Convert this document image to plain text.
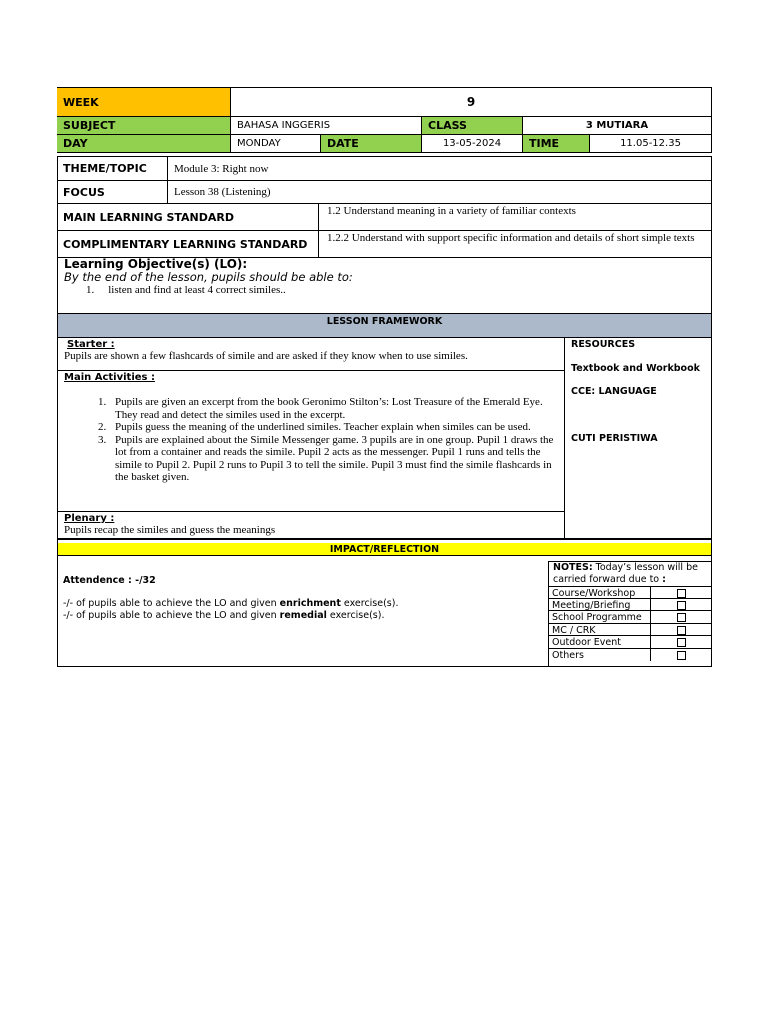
WEEK	9
SUBJECT	BAHASA INGGERIS	CLASS	3 MUTIARA
DAY	MONDAY	DATE	13-05-2024	TIME	11.05-12.35
THEME/TOPIC	Module 3: Right now
FOCUS	Lesson 38 (Listening)
MAIN LEARNING STANDARD	1.2 Understand meaning in a variety of familiar contexts
COMPLIMENTARY LEARNING STANDARD	1.2.2 Understand with support specific information and details of short simple texts
Learning Objective(s) (LO):
By the end of the lesson, pupils should be able to:
1. listen and find at least 4 correct similes..
LESSON FRAMEWORK
Starter :
Pupils are shown a few flashcards of simile and are asked if they know when to use similes.
Main Activities :
1. Pupils are given an excerpt from the book Geronimo Stilton’s: Lost Treasure of the Emerald Eye. They read and detect the similes used in the excerpt.
2. Pupils guess the meaning of the underlined similes. Teacher explain when similes can be used.
3. Pupils are explained about the Simile Messenger game. 3 pupils are in one group. Pupil 1 draws the lot from a container and reads the simile. Pupil 2 acts as the messenger. Pupil 1 runs and tells the simile to Pupil 2. Pupil 2 runs to Pupil 3 to tell the simile. Pupil 3 must find the simile flashcards in the basket given.
Plenary :
Pupils recap the similes and guess the meanings
RESOURCES
Textbook and Workbook
CCE: LANGUAGE
CUTI PERISTIWA
IMPACT/REFLECTION
Attendence : -/32
-/- of pupils able to achieve the LO and given enrichment exercise(s).
-/- of pupils able to achieve the LO and given remedial exercise(s).
NOTES: Today’s lesson will be carried forward due to :
Course/Workshop
Meeting/Briefing
School Programme
MC / CRK
Outdoor Event
Others
